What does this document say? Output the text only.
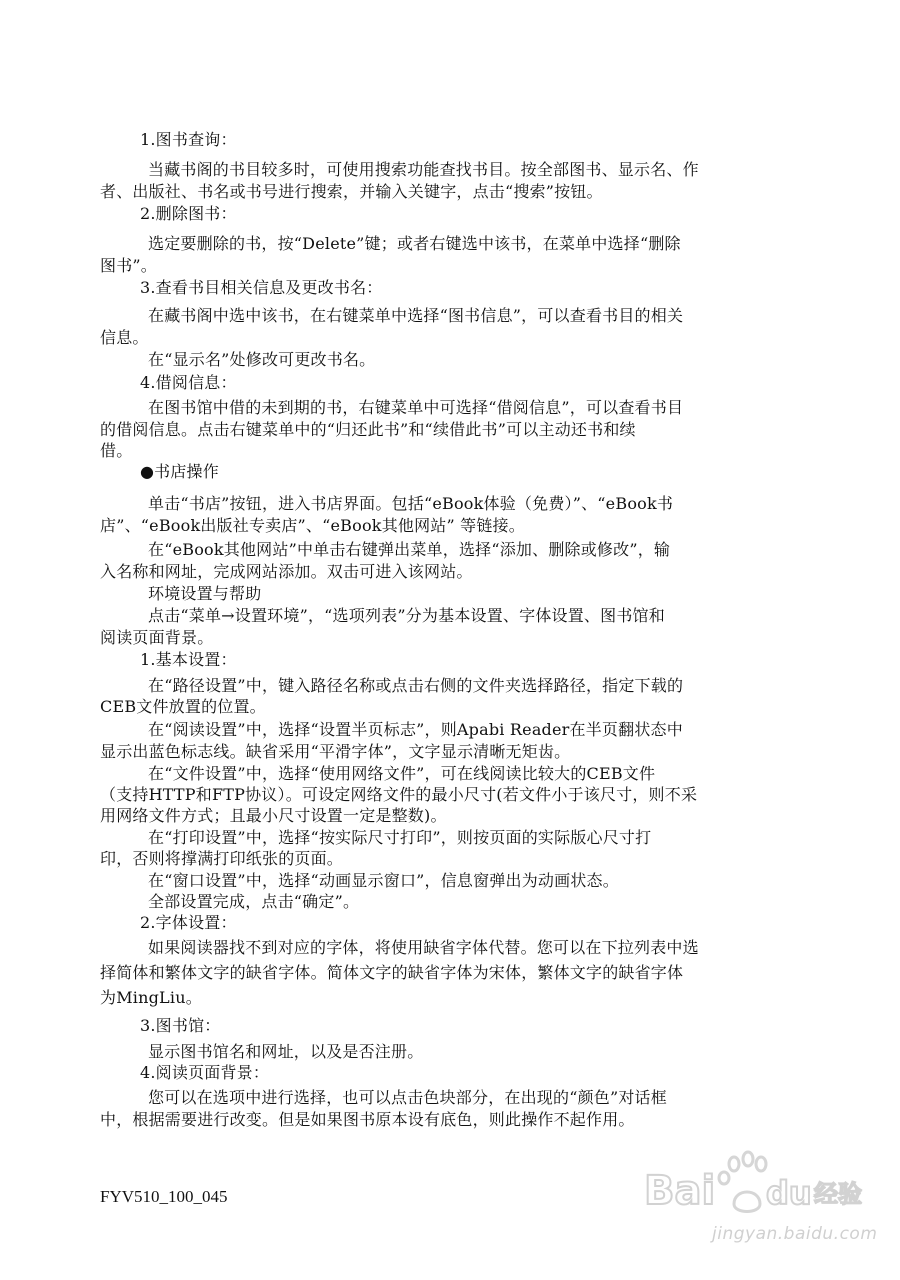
1.图书查询：
当藏书阁的书目较多时，可使用搜索功能查找书目。按全部图书、显示名、作
者、出版社、书名或书号进行搜索，并输入关键字，点击“搜索”按钮。
2.删除图书：
选定要删除的书，按“Delete”键；或者右键选中该书，在菜单中选择“删除
图书”。
3.查看书目相关信息及更改书名：
在藏书阁中选中该书，在右键菜单中选择“图书信息”，可以查看书目的相关
信息。
在“显示名”处修改可更改书名。
4.借阅信息：
在图书馆中借的未到期的书，右键菜单中可选择“借阅信息”，可以查看书目
的借阅信息。点击右键菜单中的“归还此书”和“续借此书”可以主动还书和续
借。
●书店操作
单击“书店”按钮，进入书店界面。包括“eBook体验（免费）”、“eBook书
店”、“eBook出版社专卖店”、“eBook其他网站” 等链接。
在“eBook其他网站”中单击右键弹出菜单，选择“添加、删除或修改”，输
入名称和网址，完成网站添加。双击可进入该网站。
环境设置与帮助
点击“菜单→设置环境”，“选项列表”分为基本设置、字体设置、图书馆和
阅读页面背景。
1.基本设置：
在“路径设置”中，键入路径名称或点击右侧的文件夹选择路径，指定下载的
CEB文件放置的位置。
在“阅读设置”中，选择“设置半页标志”，则Apabi Reader在半页翻状态中
显示出蓝色标志线。缺省采用“平滑字体”，文字显示清晰无矩齿。
在“文件设置”中，选择“使用网络文件”，可在线阅读比较大的CEB文件
（支持HTTP和FTP协议）。可设定网络文件的最小尺寸(若文件小于该尺寸，则不采
用网络文件方式；且最小尺寸设置一定是整数)。
在“打印设置”中，选择“按实际尺寸打印”，则按页面的实际版心尺寸打
印，否则将撑满打印纸张的页面。
在“窗口设置”中，选择“动画显示窗口”，信息窗弹出为动画状态。
全部设置完成，点击“确定”。
2.字体设置：
如果阅读器找不到对应的字体，将使用缺省字体代替。您可以在下拉列表中选
择简体和繁体文字的缺省字体。简体文字的缺省字体为宋体，繁体文字的缺省字体
为MingLiu。
3.图书馆：
显示图书馆名和网址，以及是否注册。
4.阅读页面背景：
您可以在选项中进行选择，也可以点击色块部分，在出现的“颜色”对话框
中，根据需要进行改变。但是如果图书原本设有底色，则此操作不起作用。
FYV510_100_045	Bai du 经验
jingyan.baidu.com
